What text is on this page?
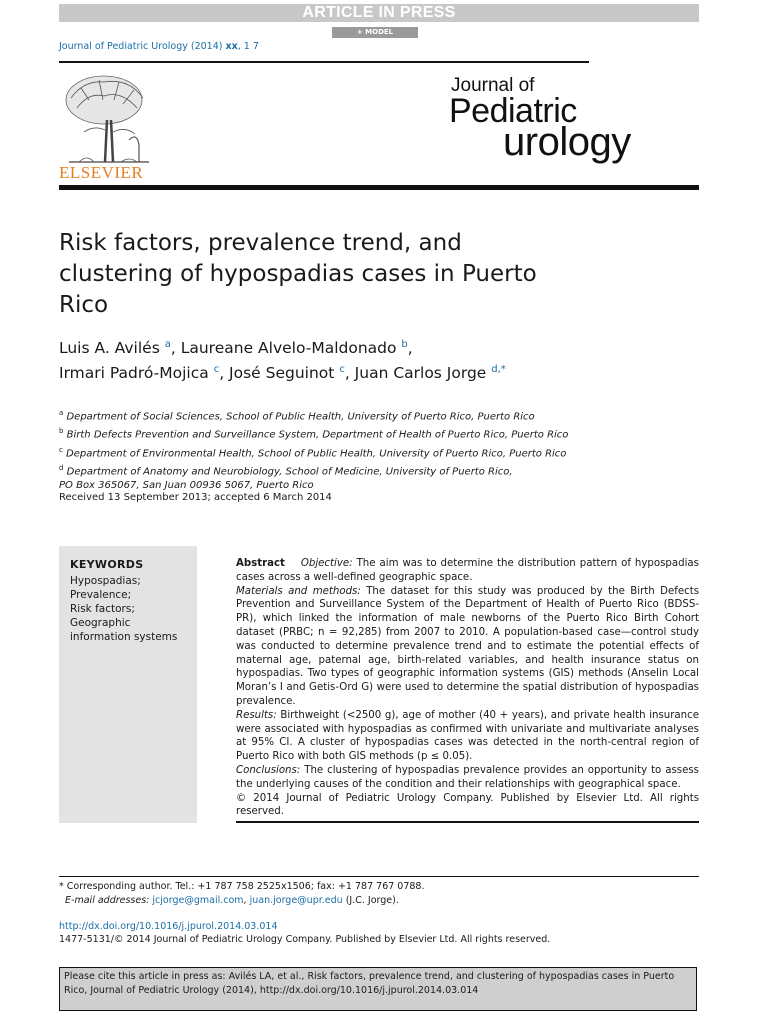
ARTICLE IN PRESS
+ MODEL
Journal of Pediatric Urology (2014) xx, 1 7
ELSEVIER
Journal of
Pediatric
urology
Risk factors, prevalence trend, and clustering of hypospadias cases in Puerto Rico
Luis A. Avilés $^a$, Laureane Alvelo-Maldonado $^b$,
Irmari Padró-Mojica $^c$, José Seguinot $^c$, Juan Carlos Jorge $^{d,*}$
$^a$ Department of Social Sciences, School of Public Health, University of Puerto Rico, Puerto Rico
$^b$ Birth Defects Prevention and Surveillance System, Department of Health of Puerto Rico, Puerto Rico
$^c$ Department of Environmental Health, School of Public Health, University of Puerto Rico, Puerto Rico
$^d$ Department of Anatomy and Neurobiology, School of Medicine, University of Puerto Rico,
PO Box 365067, San Juan 00936 5067, Puerto Rico
Received 13 September 2013; accepted 6 March 2014
KEYWORDS
Hypospadias;
Prevalence;
Risk factors;
Geographic
information systems
Abstract Objective: The aim was to determine the distribution pattern of hypospadias cases across a well-defined geographic space.
Materials and methods: The dataset for this study was produced by the Birth Defects Prevention and Surveillance System of the Department of Health of Puerto Rico (BDSS-PR), which linked the information of male newborns of the Puerto Rico Birth Cohort dataset (PRBC; n = 92,285) from 2007 to 2010. A population-based case—control study was conducted to determine prevalence trend and to estimate the potential effects of maternal age, paternal age, birth-related variables, and health insurance status on hypospadias. Two types of geographic information systems (GIS) methods (Anselin Local Moran’s I and Getis-Ord G) were used to determine the spatial distribution of hypospadias prevalence.
Results: Birthweight (<2500 g), age of mother (40 + years), and private health insurance were associated with hypospadias as confirmed with univariate and multivariate analyses at 95% CI. A cluster of hypospadias cases was detected in the north-central region of Puerto Rico with both GIS methods (p ≤ 0.05).
Conclusions: The clustering of hypospadias prevalence provides an opportunity to assess the underlying causes of the condition and their relationships with geographical space.
© 2014 Journal of Pediatric Urology Company. Published by Elsevier Ltd. All rights reserved.
* Corresponding author. Tel.: +1 787 758 2525x1506; fax: +1 787 767 0788.
E-mail addresses: jcjorge@gmail.com, juan.jorge@upr.edu (J.C. Jorge).
http://dx.doi.org/10.1016/j.jpurol.2014.03.014
1477-5131/© 2014 Journal of Pediatric Urology Company. Published by Elsevier Ltd. All rights reserved.
Please cite this article in press as: Avilés LA, et al., Risk factors, prevalence trend, and clustering of hypospadias cases in Puerto Rico, Journal of Pediatric Urology (2014), http://dx.doi.org/10.1016/j.jpurol.2014.03.014
